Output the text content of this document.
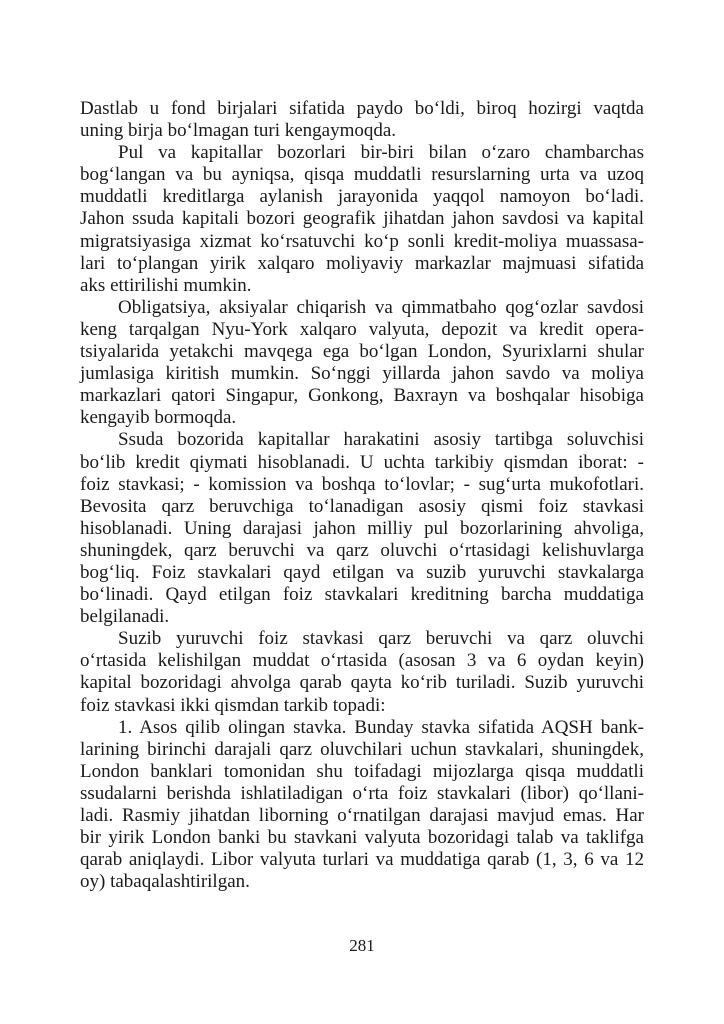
Dastlab u fond birjalari sifatida paydo bo‘ldi, biroq hozirgi vaqtda
uning birja bo‘lmagan turi kengaymoqda.
Pul va kapitallar bozorlari bir-biri bilan o‘zaro chambarchas
bog‘langan va bu ayniqsa, qisqa muddatli resurslarning urta va uzoq
muddatli kreditlarga aylanish jarayonida yaqqol namoyon bo‘ladi.
Jahon ssuda kapitali bozori geografik jihatdan jahon savdosi va kapital
migratsiyasiga xizmat ko‘rsatuvchi ko‘p sonli kredit-moliya muassasa-
lari to‘plangan yirik xalqaro moliyaviy markazlar majmuasi sifatida
aks ettirilishi mumkin.
Obligatsiya, aksiyalar chiqarish va qimmatbaho qog‘ozlar savdosi
keng tarqalgan Nyu-York xalqaro valyuta, depozit va kredit opera-
tsiyalarida yetakchi mavqega ega bo‘lgan London, Syurixlarni shular
jumlasiga kiritish mumkin. So‘nggi yillarda jahon savdo va moliya
markazlari qatori Singapur, Gonkong, Baxrayn va boshqalar hisobiga
kengayib bormoqda.
Ssuda bozorida kapitallar harakatini asosiy tartibga soluvchisi
bo‘lib kredit qiymati hisoblanadi. U uchta tarkibiy qismdan iborat: -
foiz stavkasi; - komission va boshqa to‘lovlar; - sug‘urta mukofotlari.
Bevosita qarz beruvchiga to‘lanadigan asosiy qismi foiz stavkasi
hisoblanadi. Uning darajasi jahon milliy pul bozorlarining ahvoliga,
shuningdek, qarz beruvchi va qarz oluvchi o‘rtasidagi kelishuvlarga
bog‘liq. Foiz stavkalari qayd etilgan va suzib yuruvchi stavkalarga
bo‘linadi. Qayd etilgan foiz stavkalari kreditning barcha muddatiga
belgilanadi.
Suzib yuruvchi foiz stavkasi qarz beruvchi va qarz oluvchi
o‘rtasida kelishilgan muddat o‘rtasida (asosan 3 va 6 oydan keyin)
kapital bozoridagi ahvolga qarab qayta ko‘rib turiladi. Suzib yuruvchi
foiz stavkasi ikki qismdan tarkib topadi:
1. Asos qilib olingan stavka. Bunday stavka sifatida AQSH bank-
larining birinchi darajali qarz oluvchilari uchun stavkalari, shuningdek,
London banklari tomonidan shu toifadagi mijozlarga qisqa muddatli
ssudalarni berishda ishlatiladigan o‘rta foiz stavkalari (libor) qo‘llani-
ladi. Rasmiy jihatdan liborning o‘rnatilgan darajasi mavjud emas. Har
bir yirik London banki bu stavkani valyuta bozoridagi talab va taklifga
qarab aniqlaydi. Libor valyuta turlari va muddatiga qarab (1, 3, 6 va 12
oy) tabaqalashtirilgan.
281
